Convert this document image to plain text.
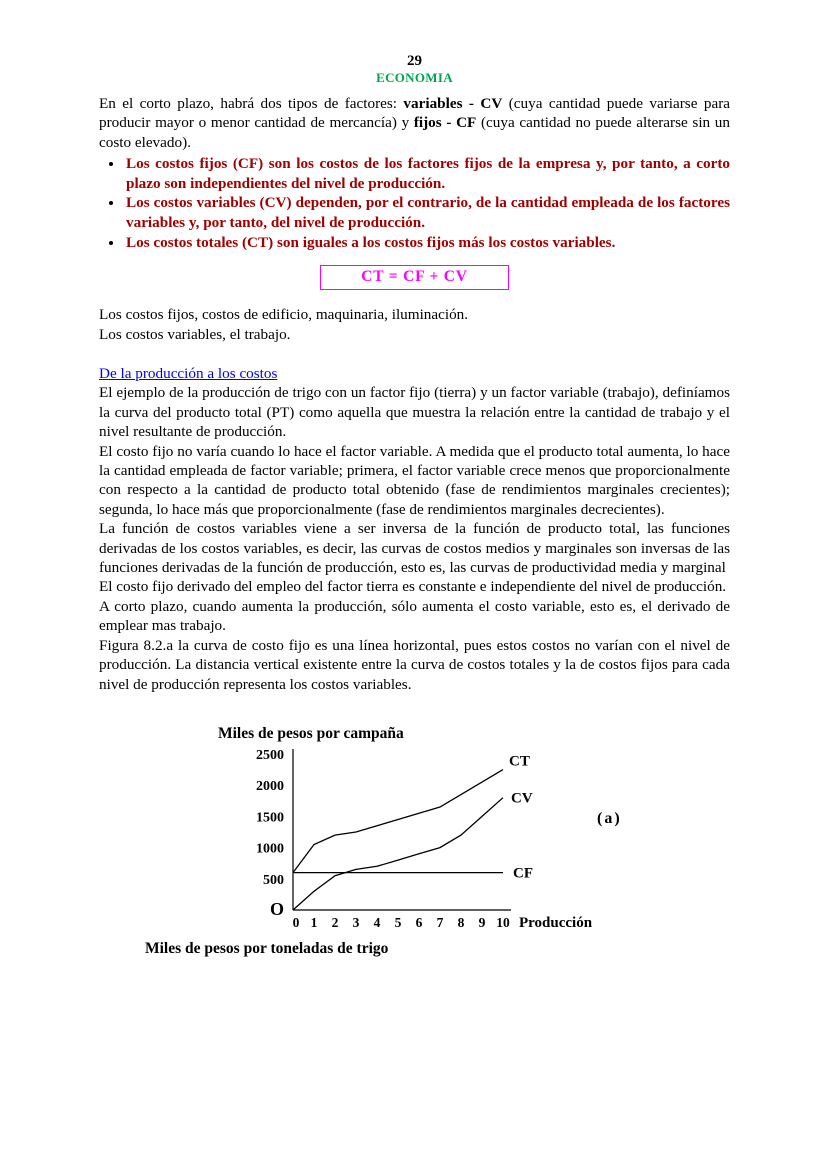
29
ECONOMIA

En el corto plazo, habrá dos tipos de factores: variables - CV (cuya cantidad puede variarse para producir mayor o menor cantidad de mercancía) y fijos - CF (cuya cantidad no puede alterarse sin un costo elevado).

• Los costos fijos (CF) son los costos de los factores fijos de la empresa y, por tanto, a corto plazo son independientes del nivel de producción.
• Los costos variables (CV) dependen, por el contrario, de la cantidad empleada de los factores variables y, por tanto, del nivel de producción.
• Los costos totales (CT) son iguales a los costos fijos más los costos variables.
CT = CF + CV

Los costos fijos, costos de edificio, maquinaria, iluminación.

Los costos variables, el trabajo.

De la producción a los costos

El ejemplo de la producción de trigo con un factor fijo (tierra) y un factor variable (trabajo), definíamos la curva del producto total (PT) como aquella que muestra la relación entre la cantidad de trabajo y el nivel resultante de producción.

El costo fijo no varía cuando lo hace el factor variable. A medida que el producto total aumenta, lo hace la cantidad empleada de factor variable; primera, el factor variable crece menos que proporcionalmente con respecto a la cantidad de producto total obtenido (fase de rendimientos marginales crecientes); segunda, lo hace más que proporcionalmente (fase de rendimientos marginales decrecientes).

La función de costos variables viene a ser inversa de la función de producto total, las funciones derivadas de los costos variables, es decir, las curvas de costos medios y marginales son inversas de las funciones derivadas de la función de producción, esto es, las curvas de productividad media y marginal

El costo fijo derivado del empleo del factor tierra es constante e independiente del nivel de producción.

A corto plazo, cuando aumenta la producción, sólo aumenta el costo variable, esto es, el derivado de emplear mas trabajo.

Figura 8.2.a la curva de costo fijo es una línea horizontal, pues estos costos no varían con el nivel de producción. La distancia vertical existente entre la curva de costos totales y la de costos fijos para cada nivel de producción representa los costos variables.

Miles de pesos por campaña
2500
2000
1500
1000
500
O
0 1 2 3 4 5 6 7 8 9 10 Producción
CT
CV
CF
(a)
Miles de pesos por toneladas de trigo
